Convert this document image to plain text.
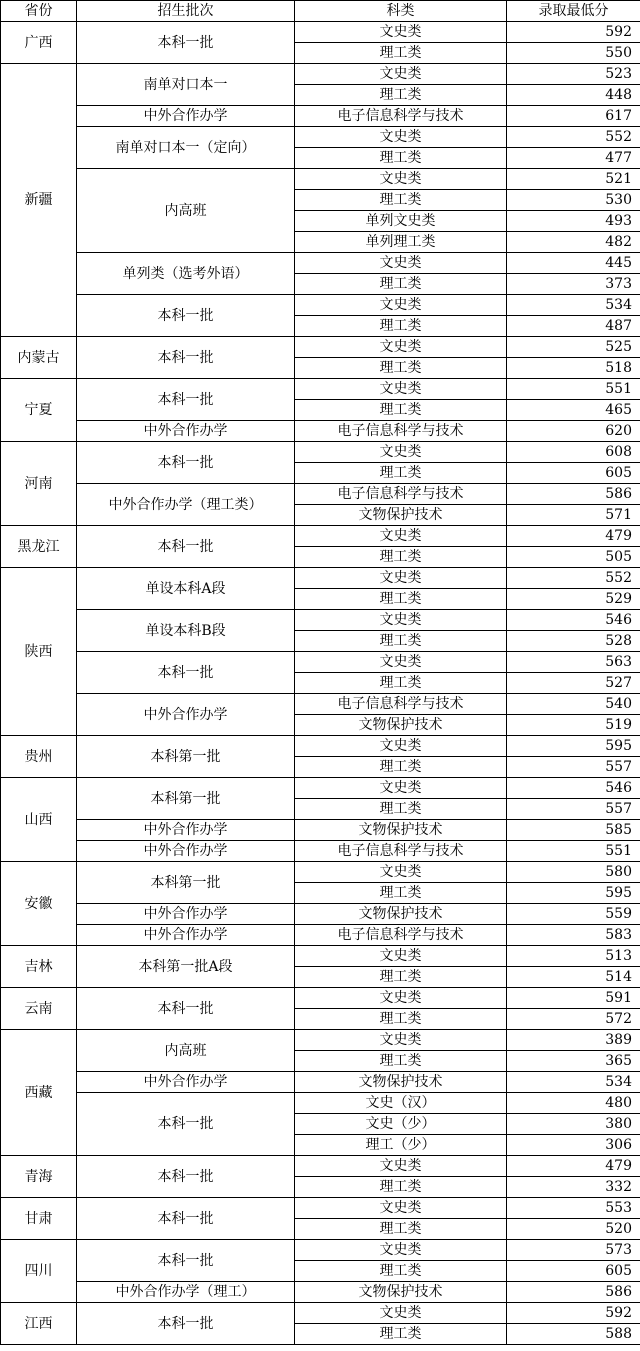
省份	招生批次	科类	录取最低分
广西	本科一批	文史类	592
		理工类	550
新疆	南单对口本一	文史类	523
		理工类	448
	中外合作办学	电子信息科学与技术	617
	南单对口本一（定向）	文史类	552
		理工类	477
	内高班	文史类	521
		理工类	530
		单列文史类	493
		单列理工类	482
	单列类（选考外语）	文史类	445
		理工类	373
	本科一批	文史类	534
		理工类	487
内蒙古	本科一批	文史类	525
		理工类	518
宁夏	本科一批	文史类	551
		理工类	465
	中外合作办学	电子信息科学与技术	620
河南	本科一批	文史类	608
		理工类	605
	中外合作办学（理工类）	电子信息科学与技术	586
		文物保护技术	571
黑龙江	本科一批	文史类	479
		理工类	505
陕西	单设本科A段	文史类	552
		理工类	529
	单设本科B段	文史类	546
		理工类	528
	本科一批	文史类	563
		理工类	527
	中外合作办学	电子信息科学与技术	540
		文物保护技术	519
贵州	本科第一批	文史类	595
		理工类	557
山西	本科第一批	文史类	546
		理工类	557
	中外合作办学	文物保护技术	585
	中外合作办学	电子信息科学与技术	551
安徽	本科第一批	文史类	580
		理工类	595
	中外合作办学	文物保护技术	559
	中外合作办学	电子信息科学与技术	583
吉林	本科第一批A段	文史类	513
		理工类	514
云南	本科一批	文史类	591
		理工类	572
西藏	内高班	文史类	389
		理工类	365
	中外合作办学	文物保护技术	534
	本科一批	文史（汉）	480
		文史（少）	380
		理工（少）	306
青海	本科一批	文史类	479
		理工类	332
甘肃	本科一批	文史类	553
		理工类	520
四川	本科一批	文史类	573
		理工类	605
	中外合作办学（理工）	文物保护技术	586
江西	本科一批	文史类	592
		理工类	588
